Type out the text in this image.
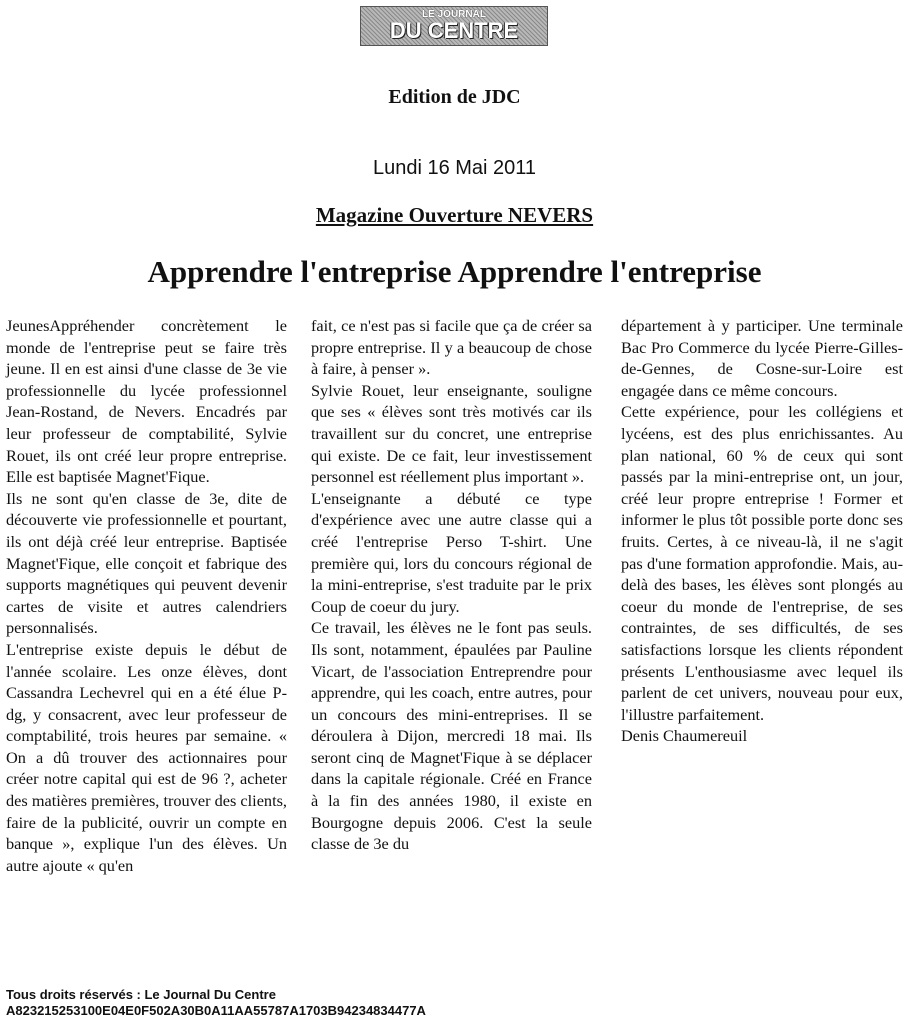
LE JOURNAL
DU CENTRE
Edition de JDC
Lundi 16 Mai 2011
Magazine Ouverture NEVERS
Apprendre l'entreprise Apprendre l'entreprise

JeunesAppréhender concrètement le monde de l'entreprise peut se faire très jeune. Il en est ainsi d'une classe de 3e vie professionnelle du lycée professionnel Jean-Rostand, de Nevers. Encadrés par leur professeur de comptabilité, Sylvie Rouet, ils ont créé leur propre entreprise. Elle est baptisée Magnet'Fique.

Ils ne sont qu'en classe de 3e, dite de découverte vie professionnelle et pourtant, ils ont déjà créé leur entreprise. Baptisée Magnet'Fique, elle conçoit et fabrique des supports magnétiques qui peuvent devenir cartes de visite et autres calendriers personnalisés.

L'entreprise existe depuis le début de l'année scolaire. Les onze élèves, dont Cassandra Lechevrel qui en a été élue P-dg, y consacrent, avec leur professeur de comptabilité, trois heures par semaine. « On a dû trouver des actionnaires pour créer notre capital qui est de 96 ?, acheter des matières premières, trouver des clients, faire de la publicité, ouvrir un compte en banque », explique l'un des élèves. Un autre ajoute « qu'en

fait, ce n'est pas si facile que ça de créer sa propre entreprise. Il y a beaucoup de chose à faire, à penser ».

Sylvie Rouet, leur enseignante, souligne que ses « élèves sont très motivés car ils travaillent sur du concret, une entreprise qui existe. De ce fait, leur investissement personnel est réellement plus important ».

L'enseignante a débuté ce type d'expérience avec une autre classe qui a créé l'entreprise Perso T-shirt. Une première qui, lors du concours régional de la mini-entreprise, s'est traduite par le prix Coup de coeur du jury.

Ce travail, les élèves ne le font pas seuls. Ils sont, notamment, épaulées par Pauline Vicart, de l'association Entreprendre pour apprendre, qui les coach, entre autres, pour un concours des mini-entreprises. Il se déroulera à Dijon, mercredi 18 mai. Ils seront cinq de Magnet'Fique à se déplacer dans la capitale régionale. Créé en France à la fin des années 1980, il existe en Bourgogne depuis 2006. C'est la seule classe de 3e du

département à y participer. Une terminale Bac Pro Commerce du lycée Pierre-Gilles-de-Gennes, de Cosne-sur-Loire est engagée dans ce même concours.

Cette expérience, pour les collégiens et lycéens, est des plus enrichissantes. Au plan national, 60 % de ceux qui sont passés par la mini-entreprise ont, un jour, créé leur propre entreprise ! Former et informer le plus tôt possible porte donc ses fruits. Certes, à ce niveau-là, il ne s'agit pas d'une formation approfondie. Mais, au-delà des bases, les élèves sont plongés au coeur du monde de l'entreprise, de ses contraintes, de ses difficultés, de ses satisfactions lorsque les clients répondent présents L'enthousiasme avec lequel ils parlent de cet univers, nouveau pour eux, l'illustre parfaitement.

Denis Chaumereuil

Tous droits réservés : Le Journal Du Centre
A823215253100E04E0F502A30B0A11AA55787A1703B94234834477A
